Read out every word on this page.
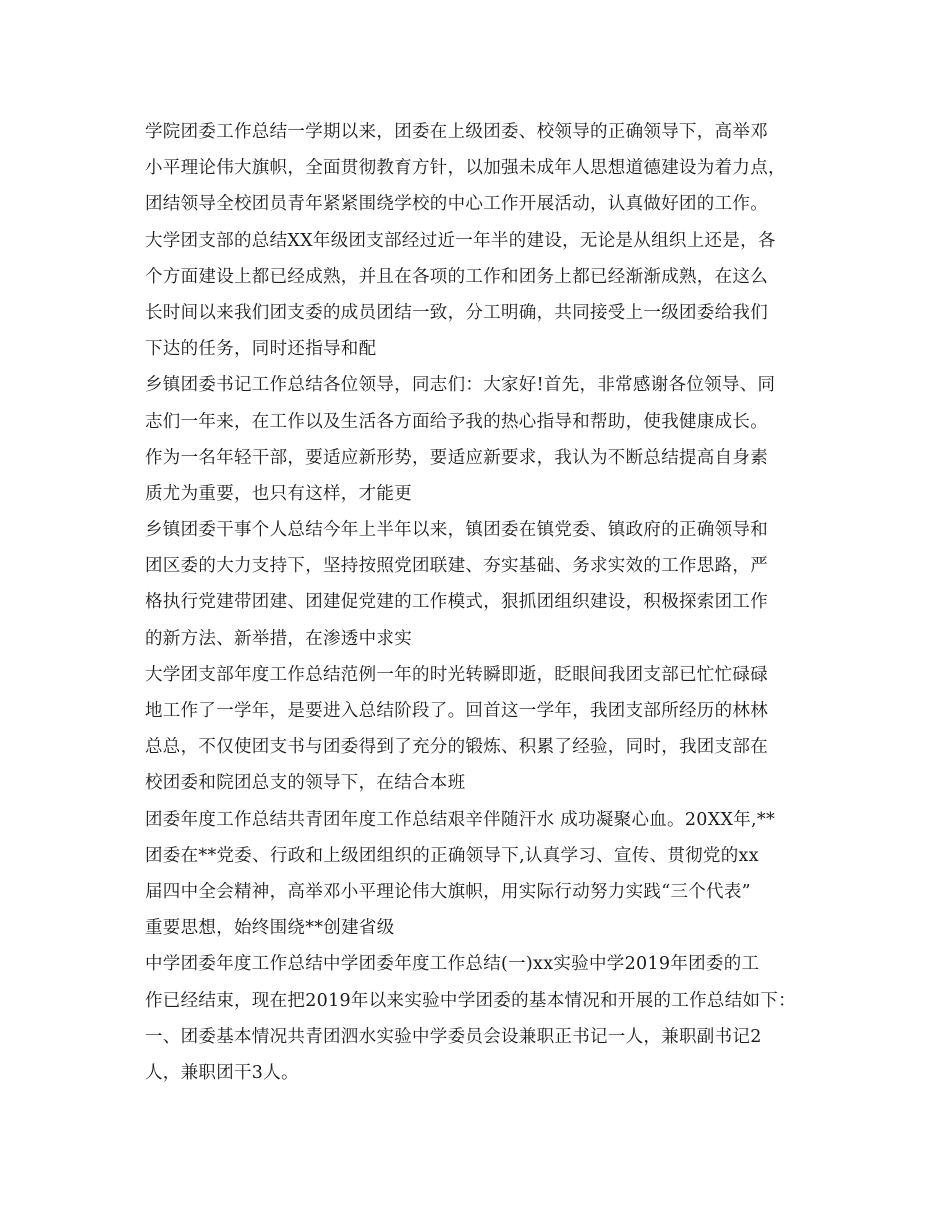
学院团委工作总结一学期以来，团委在上级团委、校领导的正确领导下，高举邓
小平理论伟大旗帜，全面贯彻教育方针，以加强未成年人思想道德建设为着力点，
团结领导全校团员青年紧紧围绕学校的中心工作开展活动，认真做好团的工作。
大学团支部的总结XX年级团支部经过近一年半的建设，无论是从组织上还是，各
个方面建设上都已经成熟，并且在各项的工作和团务上都已经渐渐成熟，在这么
长时间以来我们团支委的成员团结一致，分工明确，共同接受上一级团委给我们
下达的任务，同时还指导和配
乡镇团委书记工作总结各位领导，同志们：大家好!首先，非常感谢各位领导、同
志们一年来，在工作以及生活各方面给予我的热心指导和帮助，使我健康成长。
作为一名年轻干部，要适应新形势，要适应新要求，我认为不断总结提高自身素
质尤为重要，也只有这样，才能更
乡镇团委干事个人总结今年上半年以来，镇团委在镇党委、镇政府的正确领导和
团区委的大力支持下，坚持按照党团联建、夯实基础、务求实效的工作思路，严
格执行党建带团建、团建促党建的工作模式，狠抓团组织建设，积极探索团工作
的新方法、新举措，在渗透中求实
大学团支部年度工作总结范例一年的时光转瞬即逝，眨眼间我团支部已忙忙碌碌
地工作了一学年，是要进入总结阶段了。回首这一学年，我团支部所经历的林林
总总，不仅使团支书与团委得到了充分的锻炼、积累了经验，同时，我团支部在
校团委和院团总支的领导下，在结合本班
团委年度工作总结共青团年度工作总结艰辛伴随汗水 成功凝聚心血。20XX年,**
团委在**党委、行政和上级团组织的正确领导下,认真学习、宣传、贯彻党的xx
届四中全会精神，高举邓小平理论伟大旗帜，用实际行动努力实践“三个代表”
重要思想，始终围绕**创建省级
中学团委年度工作总结中学团委年度工作总结(一)xx实验中学2019年团委的工
作已经结束，现在把2019年以来实验中学团委的基本情况和开展的工作总结如下：
一、团委基本情况共青团泗水实验中学委员会设兼职正书记一人，兼职副书记2
人，兼职团干3人。
